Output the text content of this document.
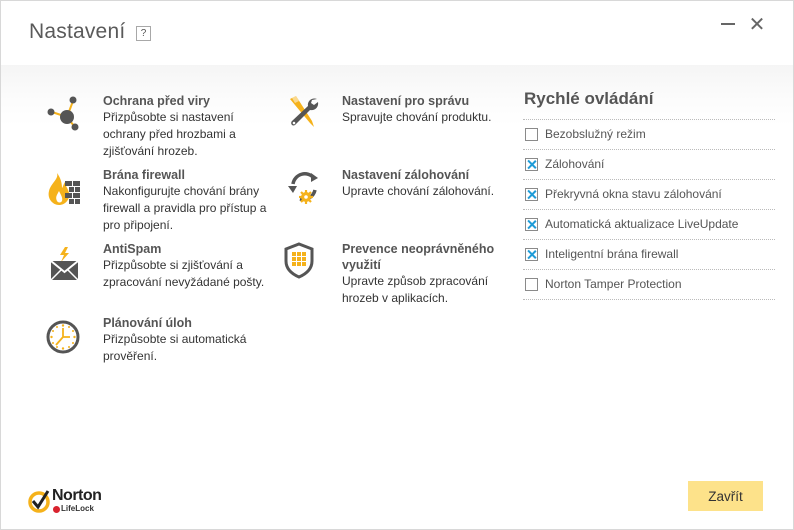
Nastavení	?	✕
Ochrana před viry
Přizpůsobte si nastavení
ochrany před hrozbami a
zjišťování hrozeb.
Brána firewall
Nakonfigurujte chování brány
firewall a pravidla pro přístup a
pro připojení.
AntiSpam
Přizpůsobte si zjišťování a
zpracování nevyžádané pošty.
Plánování úloh
Přizpůsobte si automatická
prověření.
Nastavení pro správu
Spravujte chování produktu.
Nastavení zálohování
Upravte chování zálohování.
Prevence neoprávněného
využití
Upravte způsob zpracování
hrozeb v aplikacích.
Rychlé ovládání
Bezobslužný režim
Zálohování
Překryvná okna stavu zálohování
Automatická aktualizace LiveUpdate
Inteligentní brána firewall
Norton Tamper Protection
Norton
LifeLock
Zavřít
